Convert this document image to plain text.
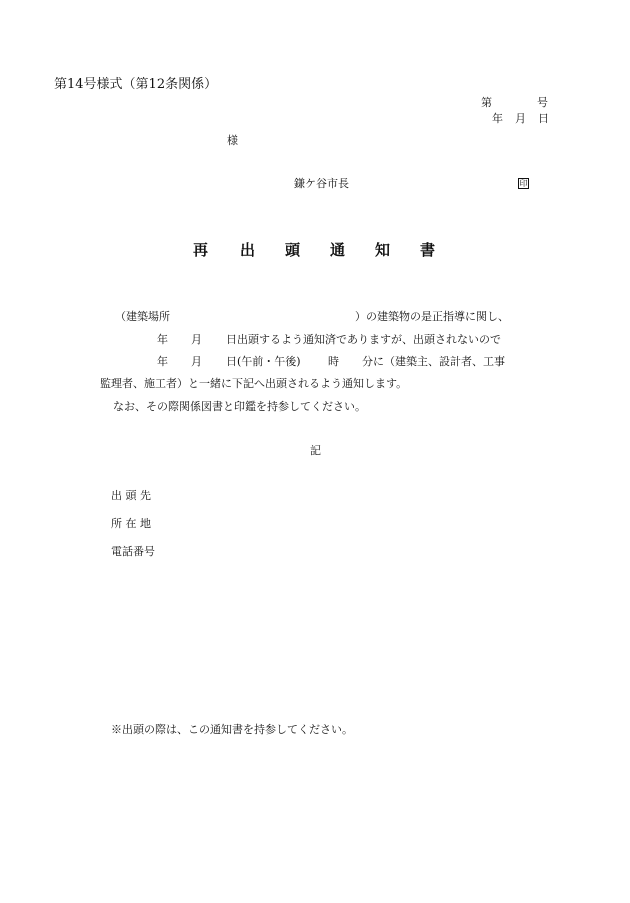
第14号様式（第12条関係）
第	号
年 月 日
様
鎌ケ谷市長	印
再 出 頭 通 知 書
（建築場所	）の建築物の是正指導に関し、
年 月 日出頭するよう通知済でありますが、出頭されないので
年 月 日(午前・午後) 時 分に（建築主、設計者、工事
監理者、施工者）と一緒に下記へ出頭されるよう通知します。
なお、その際関係図書と印鑑を持参してください。
記
出 頭 先
所 在 地
電話番号
※出頭の際は、この通知書を持参してください。
